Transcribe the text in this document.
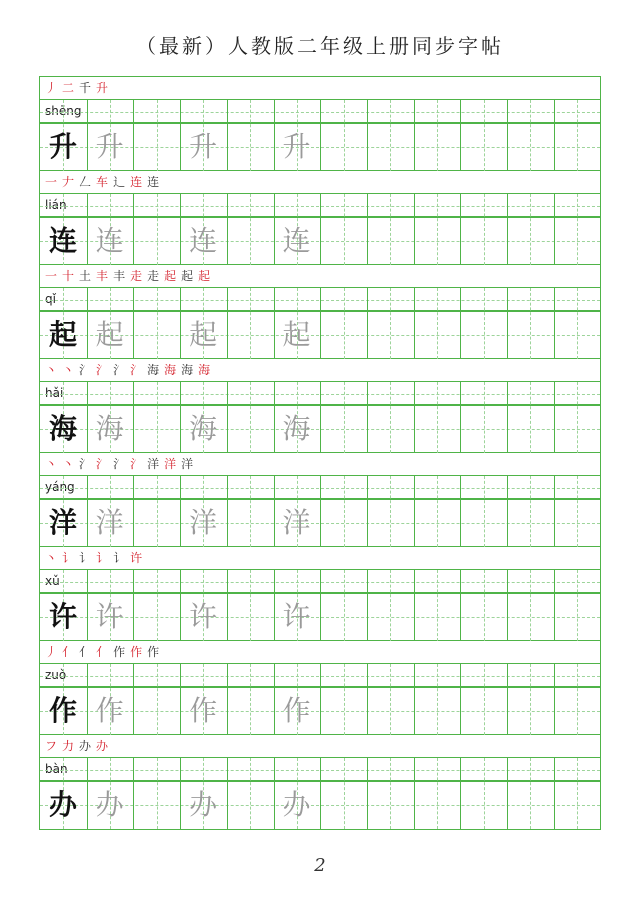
（最新）人教版二年级上册同步字帖
丿 二 千 升
shēng
升 升	升	升
一 𠂇 𠃋 车 辶 连 连
lián
连 连	连	连
一 十 土 丰 丰 走 走 起 起 起
qǐ
起 起	起	起
丶 丶 氵 氵 氵 氵 海 海 海 海
hǎi
海 海	海	海
丶 丶 氵 氵 氵 氵 洋 洋 洋
yáng
洋 洋	洋	洋
丶 讠 讠 讠 讠 许
xǔ
许 许	许	许
丿 亻 亻 亻 作 作 作
zuò
作 作	作	作
フ 力 办 办
bàn
办 办	办	办
2
